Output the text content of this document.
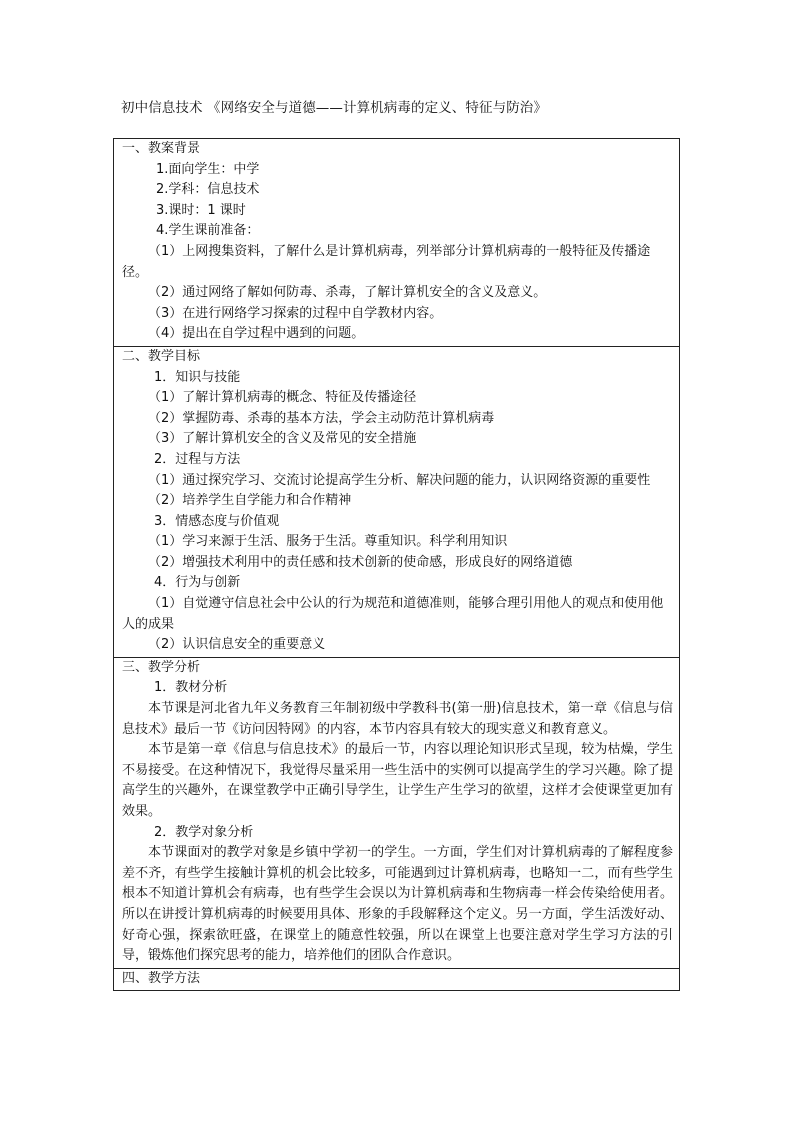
初中信息技术 《网络安全与道德——计算机病毒的定义、特征与防治》
一、教案背景
1.面向学生：中学
2.学科：信息技术
3.课时：1 课时
4.学生课前准备：

（1）上网搜集资料，了解什么是计算机病毒，列举部分计算机病毒的一般特征及传播途径。

（2）通过网络了解如何防毒、杀毒，了解计算机安全的含义及意义。
（3）在进行网络学习探索的过程中自学教材内容。
（4）提出在自学过程中遇到的问题。

二、教学目标
1．知识与技能
（1）了解计算机病毒的概念、特征及传播途径
（2）掌握防毒、杀毒的基本方法，学会主动防范计算机病毒
（3）了解计算机安全的含义及常见的安全措施
2．过程与方法

（1）通过探究学习、交流讨论提高学生分析、解决问题的能力，认识网络资源的重要性

（2）培养学生自学能力和合作精神
3．情感态度与价值观
（1）学习来源于生活、服务于生活。尊重知识。科学利用知识
（2）增强技术利用中的责任感和技术创新的使命感，形成良好的网络道德
4．行为与创新

（1）自觉遵守信息社会中公认的行为规范和道德准则，能够合理引用他人的观点和使用他人的成果

（2）认识信息安全的重要意义

三、教学分析
1．教材分析

本节课是河北省九年义务教育三年制初级中学教科书(第一册)信息技术，第一章《信息与信息技术》最后一节《访问因特网》的内容，本节内容具有较大的现实意义和教育意义。

本节是第一章《信息与信息技术》的最后一节，内容以理论知识形式呈现，较为枯燥，学生不易接受。在这种情况下，我觉得尽量采用一些生活中的实例可以提高学生的学习兴趣。除了提高学生的兴趣外，在课堂教学中正确引导学生，让学生产生学习的欲望，这样才会使课堂更加有效果。

2．教学对象分析

本节课面对的教学对象是乡镇中学初一的学生。一方面，学生们对计算机病毒的了解程度参差不齐，有些学生接触计算机的机会比较多，可能遇到过计算机病毒，也略知一二，而有些学生根本不知道计算机会有病毒，也有些学生会误以为计算机病毒和生物病毒一样会传染给使用者。所以在讲授计算机病毒的时候要用具体、形象的手段解释这个定义。另一方面，学生活泼好动、好奇心强，探索欲旺盛，在课堂上的随意性较强，所以在课堂上也要注意对学生学习方法的引导，锻炼他们探究思考的能力，培养他们的团队合作意识。

四、教学方法
